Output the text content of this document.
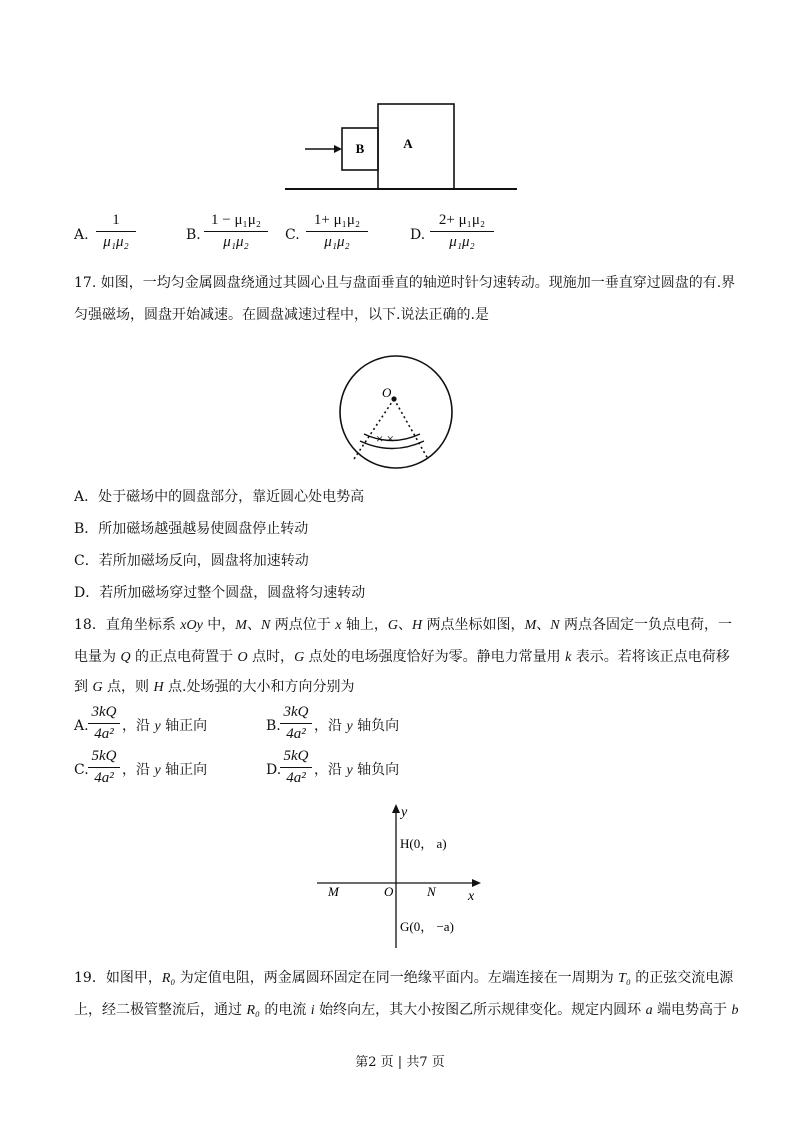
B	A
A. $\frac{1}{\text{μ₁μ₂}}$	B. $\frac{\text{1 − μ₁μ₂}}{\text{μ₁μ₂}} C$. $\frac{\text{1+ μ₁μ₂}}{\text{μ₁μ₂}}$	D. $\frac{\text{2+ μ₁μ₂}}{\text{μ₁μ₂}}$
17. 如图，一均匀金属圆盘绕通过其圆心且与盘面垂直的轴逆时针匀速转动。现施加一垂直穿过圆盘的有.界
匀强磁场，圆盘开始减速。在圆盘减速过程中，以下.说法正确的.是
O
× ×
A．处于磁场中的圆盘部分，靠近圆心处电势高
B．所加磁场越强越易使圆盘停止转动
C．若所加磁场反向，圆盘将加速转动
D．若所加磁场穿过整个圆盘，圆盘将匀速转动
18．直角坐标系 xOy 中，M、N 两点位于 x 轴上，G、H 两点坐标如图，M、N 两点各固定一负点电荷，一
电量为 Q 的正点电荷置于 O 点时，G 点处的电场强度恰好为零。静电力常量用 k 表示。若将该正点电荷移
到 G 点，则 H 点.处场强的大小和方向分别为
A. $\frac{3kQ}{\text{4a²}}$ ，沿 y 轴正向	B. $\frac{3kQ}{\text{4a²}}$ ，沿 y 轴负向
C. $\frac{5kQ}{\text{4a²}}$ ，沿 y 轴正向	D.
$\frac{5kQ}{\text{4a²}}$ ，沿 y 轴负向
y
x
O
M	N
H(0， a)
G(0， −a)
19．如图甲，R₀ 为定值电阻，两金属圆环固定在同一绝缘平面内。左端连接在一周期为 T₀ 的正弦交流电源
上，经二极管整流后，通过 R₀ 的电流 i 始终向左，其大小按图乙所示规律变化。规定内圆环 a 端电势高于 b
第2 页 | 共7 页
